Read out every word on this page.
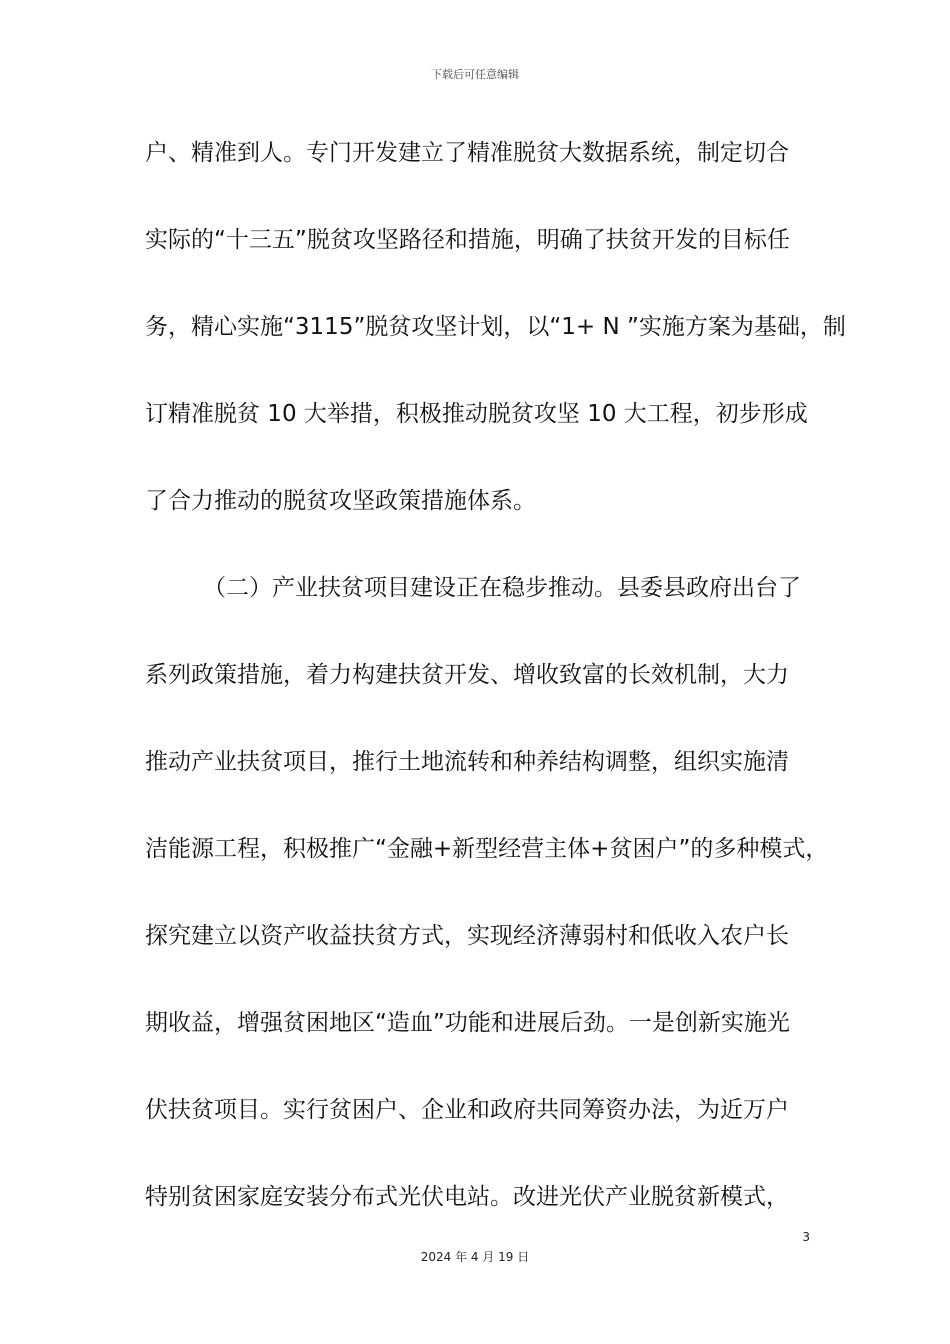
下载后可任意编辑
户、精准到人。专门开发建立了精准脱贫大数据系统，制定切合
实际的“十三五”脱贫攻坚路径和措施，明确了扶贫开发的目标任
务，精心实施“3115”脱贫攻坚计划，以“1+ N ”实施方案为基础，制
订精准脱贫 10 大举措，积极推动脱贫攻坚 10 大工程，初步形成
了合力推动的脱贫攻坚政策措施体系。
（二）产业扶贫项目建设正在稳步推动。县委县政府出台了
系列政策措施，着力构建扶贫开发、增收致富的长效机制，大力
推动产业扶贫项目，推行土地流转和种养结构调整，组织实施清
洁能源工程，积极推广“金融+新型经营主体+贫困户”的多种模式，
探究建立以资产收益扶贫方式，实现经济薄弱村和低收入农户长
期收益，增强贫困地区“造血”功能和进展后劲。一是创新实施光
伏扶贫项目。实行贫困户、企业和政府共同筹资办法，为近万户
特别贫困家庭安装分布式光伏电站。改进光伏产业脱贫新模式，
3
2024 年 4 月 19 日
